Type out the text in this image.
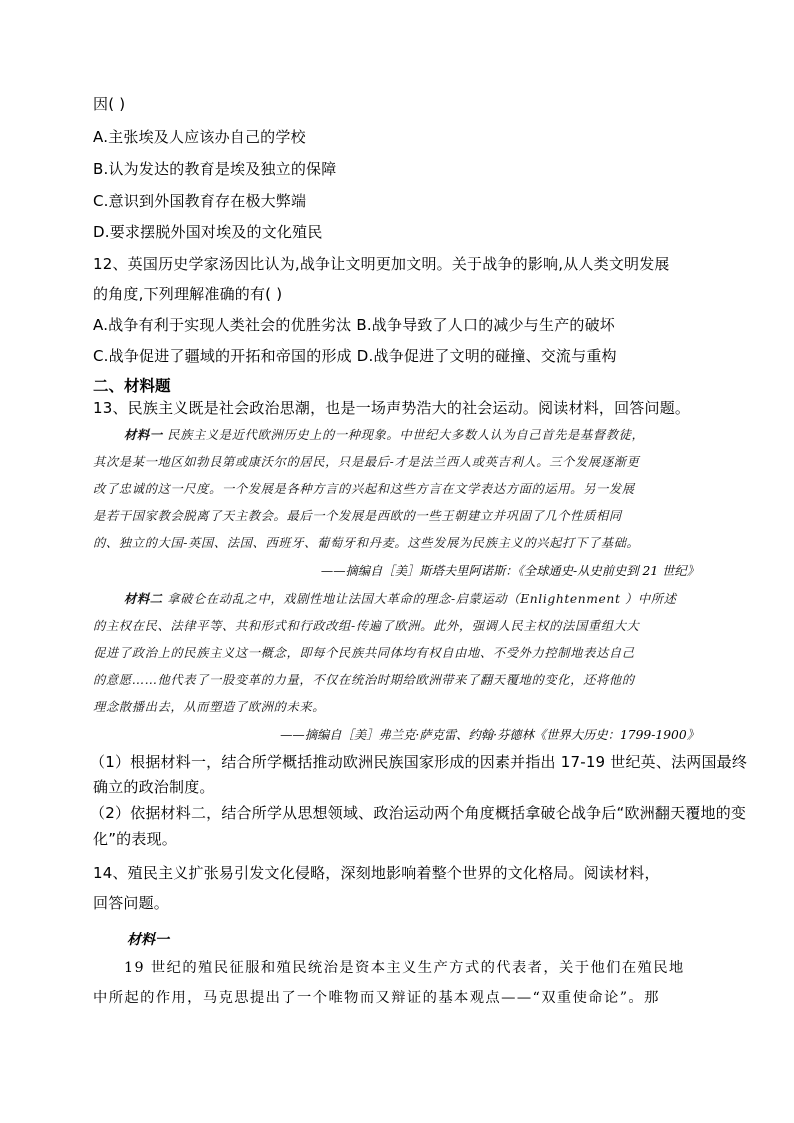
因( )
A.主张埃及人应该办自己的学校
B.认为发达的教育是埃及独立的保障
C.意识到外国教育存在极大弊端
D.要求摆脱外国对埃及的文化殖民
12、英国历史学家汤因比认为,战争让文明更加文明。关于战争的影响,从人类文明发展
的角度,下列理解准确的有( )
A.战争有利于实现人类社会的优胜劣汰 B.战争导致了人口的减少与生产的破坏
C.战争促进了疆域的开拓和帝国的形成 D.战争促进了文明的碰撞、交流与重构
二、材料题
13、民族主义既是社会政治思潮，也是一场声势浩大的社会运动。阅读材料，回答问题。
材料一 民族主义是近代欧洲历史上的一种现象。中世纪大多数人认为自己首先是基督教徒，
其次是某一地区如勃艮第或康沃尔的居民，只是最后-才是法兰西人或英吉利人。三个发展逐渐更
改了忠诚的这一尺度。一个发展是各种方言的兴起和这些方言在文学表达方面的运用。另一发展
是若干国家教会脱离了天主教会。最后一个发展是西欧的一些王朝建立并巩固了几个性质相同
的、独立的大国-英国、法国、西班牙、葡萄牙和丹麦。这些发展为民族主义的兴起打下了基础。
——摘编自［美］斯塔夫里阿诺斯：《全球通史-从史前史到 21 世纪》
材料二 拿破仑在动乱之中，戏剧性地让法国大革命的理念-启蒙运动（Enlightenment ）中所述
的主权在民、法律平等、共和形式和行政改组-传遍了欧洲。此外，强调人民主权的法国重组大大
促进了政治上的民族主义这一概念，即每个民族共同体均有权自由地、不受外力控制地表达自己
的意愿……他代表了一股变革的力量，不仅在统治时期给欧洲带来了翻天覆地的变化，还将他的
理念散播出去，从而塑造了欧洲的未来。
——摘编自［美］弗兰克·萨克雷、约翰·芬德林《世界大历史：1799-1900》
（1）根据材料一，结合所学概括推动欧洲民族国家形成的因素并指出 17-19 世纪英、法两国最终
确立的政治制度。
（2）依据材料二，结合所学从思想领域、政治运动两个角度概括拿破仑战争后“欧洲翻天覆地的变
化”的表现。
14、殖民主义扩张易引发文化侵略，深刻地影响着整个世界的文化格局。阅读材料，
回答问题。
材料一
19 世纪的殖民征服和殖民统治是资本主义生产方式的代表者，关于他们在殖民地
中所起的作用，马克思提出了一个唯物而又辩证的基本观点——“双重使命论”。那
